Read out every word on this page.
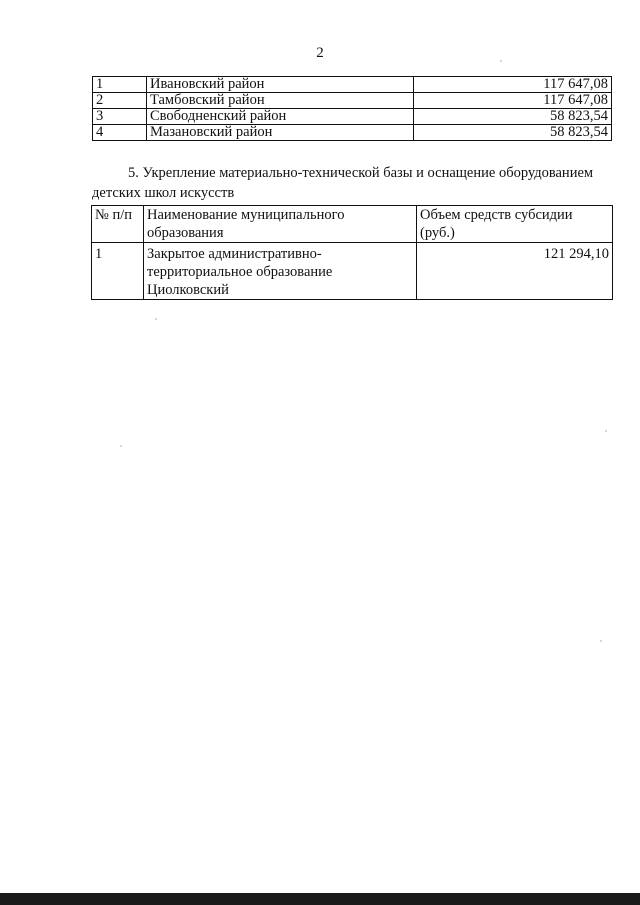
2
1	Ивановский район	117 647,08
2	Тамбовский район	117 647,08
3	Свободненский район	58 823,54
4	Мазановский район	58 823,54
5. Укрепление материально-технической базы и оснащение оборудованием детских школ искусств
№ п/п	Наименование муниципального образования	Объем средств субсидии (руб.)
1	Закрытое административно-территориальное образование Циолковский	121 294,10
